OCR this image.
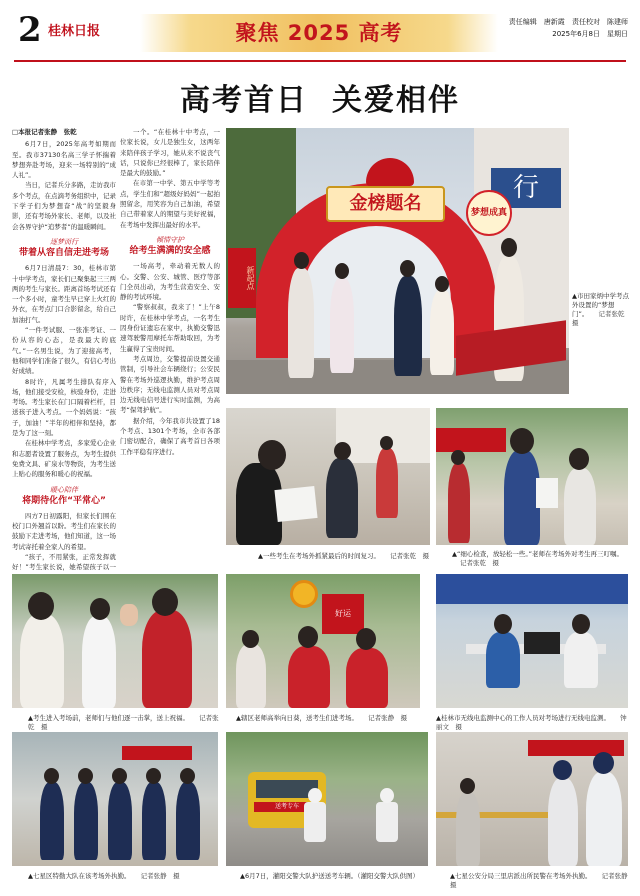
2 桂林日报	聚焦 2025 高考	责任编辑　唐新霞 责任校对　陈建师
2025年6月8日　星期日
高考首日 关爱相伴

□本报记者张静　张乾

6月7日，2025年高考如期而至。我市37130名高三学子怀揣着梦想奔赴考场，迎来一场特别的“成人礼”。

当日，记者兵分多路，走访我市多个考点，在点滴考务组织中，记录下学子们为梦想奋“战”的坚毅身影，还有考场外家长、老师，以及社会各界守护“追梦者”的温暖瞬间。

逐梦而行
带着从容自信走进考场

6月7日清晨7：30，桂林市第十中学考点，家长们已聚集起三三两两的考生与家长。距离首场考试还有一个多小时，童考生早已穿上火红的外衣，在考点门口合影留念，给自己加油打气。

“一件考试服、一张准考证、一份从容的心态，是我最大的底气。”一名男生说，为了迎接高考，他和同学们准备了很久，有信心考出好成绩。

8时许，凡属考生排队有序入场，他们接受安检，核验身份，走进考场。考生家长在门口隔着栏杆，目送孩子进入考点。一个妈妈说：“孩子，加油！”半年的相伴和坚持，都是为了这一刻。

在桂林中学考点，多家爱心企业和志愿者设置了服务点，为考生提供免费文具、矿泉水等物资，为考生送上贴心的服务和暖心的祝福。

暖心陪伴
将期待化作“平常心”

四方7日初露阳，但家长们围在校门口外翘首以盼。考生们在家长的鼓励下走进考场，他们知道，这一场考试寄托着全家人的希望。

“孩子，不用紧张，正常发挥就好！”考生家长说，她希望孩子以一

一个。“在桂林十中考点，一位家长说，女儿是独生女，这两年来陪伴孩子学习，她从来不说丧气话，只说你已经很棒了，家长陪伴是最大的鼓励。”

在市第一中学、第五中学等考点，学生们和“超级好妈妈”一起拍照留念，用笑容为自己加油，希望自己带着家人的期望与美好祝福，在考场中发挥出最好的水平。

倾情守护
给考生满满的安全感

一场高考，牵动着无数人的心。交警、公安、城管、医疗等部门全员出动，为考生营造安全、安静的考试环境。

“警察叔叔，我来了！”上午8时许，在桂林中学考点，一名考生因身份证遗忘在家中，执勤交警迅速驾驶警用摩托车帮助取回，为考生赢得了宝贵时间。

考点周边，交警提前设置交通管制，引导社会车辆绕行；公安民警在考场外巡逻执勤，维护考点周边秩序；无线电监测人员对考点周边无线电信号进行实时监测，为高考“保驾护航”。

据介绍，今年我市共设置了18个考点、1301个考场，全市各部门密切配合，确保了高考首日各项工作平稳有序进行。

行
金榜题名	梦想成真
新起点
▲市田家炳中学考点外设置的“梦想门”。 记者张乾　摄
▲一些考生在考场外抓紧最后的时间复习。 记者张乾　摄	▲“细心检查，放轻松一些。”老师在考场外对考生再三叮嘱。 记者张乾　摄
▲考生进入考场前，老师们与他们逐一击掌，送上祝福。 记者张乾　摄
好运
▲辖区老师高举向日葵，送考生们进考场。 记者张静　摄	▲桂林市无线电监测中心的工作人员对考场进行无线电监测。 钟丽文　摄
▲七星区特勤大队在该考场外执勤。 记者张静　摄
送考专车
▲6月7日，灌阳交警大队护送送考车辆。（灌阳交警大队供图）	▲七星公安分局三里店派出所民警在考场外执勤。 记者张静　摄
